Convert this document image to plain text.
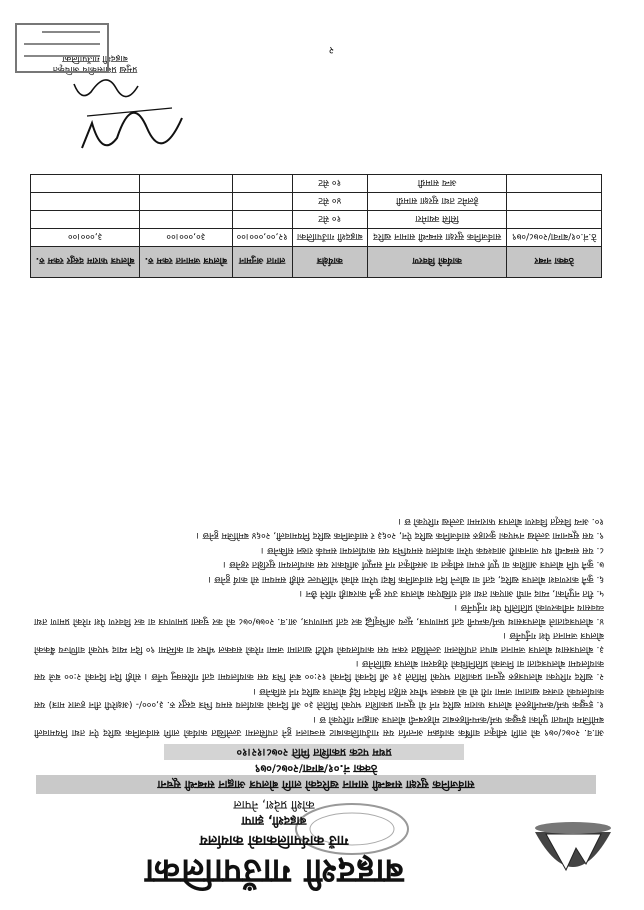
बाह्रदशी गाउँपालिका
गाउँ कार्यपालिकाको कार्यालय
बाह्रदशी, झापा
कोशी प्रदेश, नेपाल
सार्वजनिक सुरक्षा सम्बन्धी सामान खरिदको लागि बोलपत्र आह्वान सम्बन्धी सूचना
ठेक्का नं.०१/बाग्वा/२०७८/०७९
प्रथम पटक प्रकाशित मिति २०७८।१२।१०

आ.व. २०७८/०७९ को लागि स्वीकृत वार्षिक कार्यक्रम अन्तर्गत यस गाउँपालिकाबाट सञ्चालन हुने तपसिलमा उल्लेखित कार्यको लागि सार्वजनिक खरिद ऐन तथा नियमावली बमोजिम योग्यता पुगेका इच्छुक फर्म/कम्पनीहरुबाट मोहरबन्दी बोलपत्र आह्वान गरिएको छ ।

१. इच्छुक फर्म/कम्पनीहरुले बोलपत्र फाराम खरिद गर्न यो सूचना प्रकाशित भएको मितिले ३० औं दिनको कार्यालय समय भित्र दस्तुर रु. ३,०००/- (अक्षरेपी तीन हजार मात्र) यस कार्यालयको राजस्व खातामा जम्मा गरी सो को सक्कल भौचर सहित निवेदन दिई बोलपत्र खरिद गर्न सकिनेछ ।

२. खरिद गरिएका बोलपत्रहरु सूचना प्रकाशित भएको मितिले ३१ औं दिनको दिनको १२:०० बजे भित्र यस कार्यालयमा दर्ता गरिसक्नु पर्नेछ । सोही दिन दिनको २:०० बजे यस कार्यालयमा बोलपत्रदाता वा निजको प्रतिनिधिको रोहवरमा बोलपत्र खोलिनेछ ।

३. बोलपत्रसाथ बोलपत्र जमानत बापत तपसिलमा उल्लेखित रकम यस कार्यालयको धरौटी खातामा जम्मा गरेको सक्कल भौचर वा कम्तिमा ९० दिन म्याद भएको वाणिज्य बैंकको बोलपत्र जमानत पेश गर्नुपर्नेछ ।

४. बोलपत्रदाताले बोलपत्रसाथ फर्म/कम्पनी दर्ता प्रमाणपत्र, मूल्य अभिवृद्धि कर दर्ता प्रमाणपत्र, आ.व. २०७७/०७८ को कर चुक्ता प्रमाणपत्र वा कर विवरण पेश गरेको प्रमाण तथा व्यवसाय नवीकरणको प्रतिलिपि पेश गर्नुपर्नेछ ।

५. रीत नपुगेका, म्याद नाघी आएका तथा शर्त राखिएका बोलपत्र उपर कुनै कारबाही गरिने छैन ।

६. कुनै कारणवश बोलपत्र खरिद, दर्ता वा खोल्ने दिन सार्वजनिक बिदा परेमा सोको भोलिपल्ट सोही समयमा सो कार्य हुनेछ ।

७. कुनै पनि बोलपत्र आंशिक वा पूर्ण रुपमा स्वीकृत वा अस्वीकृत गर्ने सम्पूर्ण अधिकार यस कार्यालयमा सुरक्षित रहनेछ ।

८. यस सम्बन्धी थप जानकारी आवश्यक परेमा कार्यालय समयभित्र यस कार्यालयमा सम्पर्क राख्न सकिनेछ ।

९. यस सूचनामा उल्लेख नभएका कुराहरु सार्वजनिक खरिद ऐन, २०६३ र सार्वजनिक खरिद नियमावली, २०६४ बमोजिम हुनेछ ।

१०. अन्य विस्तृत विवरण बोलपत्र फाराममा उल्लेख गरिएको छ ।

ठेक्का नम्बर	कार्यको विवरण	कार्यक्षेत्र	लागत अनुमान	बोलपत्र जमानत रकम रु.	बोलपत्र फाराम दस्तुर रकम रु.
ठे.नं.०१/बाग्वा/२०७८/०७९	सार्वजनिक सुरक्षा सम्बन्धी सामान खरिद	बाह्रदशी गाउँपालिका	१२,००,०००।००	३०,०००।००	३,०००।००
	सिसि क्यामेरा	१० सेट			
	हेलमेट तथा सुरक्षा सामग्री	४० सेट			
	अन्य सामग्री	१० सेट			
प्रमुख प्रशासकीय अधिकृत
बाह्रदशी गाउँपालिका
२
